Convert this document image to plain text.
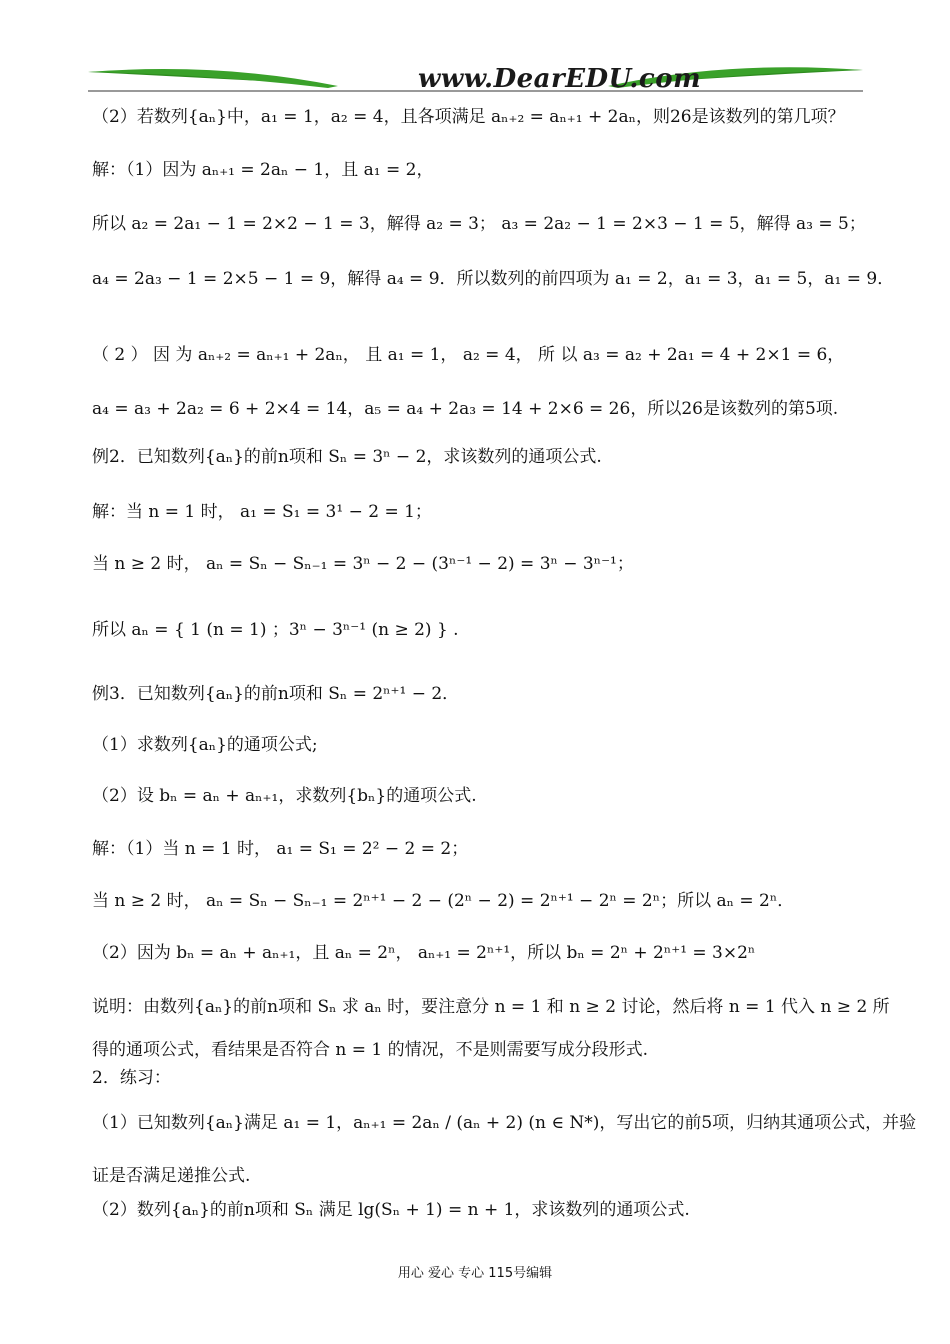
www.DearEDU.com
（2）若数列{aₙ}中，a₁ = 1，a₂ = 4，且各项满足 aₙ₊₂ = aₙ₊₁ + 2aₙ，则26是该数列的第几项？
解：（1）因为 aₙ₊₁ = 2aₙ − 1，且 a₁ = 2，
所以 a₂ = 2a₁ − 1 = 2×2 − 1 = 3，解得 a₂ = 3； a₃ = 2a₂ − 1 = 2×3 − 1 = 5，解得 a₃ = 5；
a₄ = 2a₃ − 1 = 2×5 − 1 = 9，解得 a₄ = 9．所以数列的前四项为 a₁ = 2，a₁ = 3，a₁ = 5，a₁ = 9．
（ 2 ） 因 为 aₙ₊₂ = aₙ₊₁ + 2aₙ， 且 a₁ = 1， a₂ = 4， 所 以 a₃ = a₂ + 2a₁ = 4 + 2×1 = 6，
a₄ = a₃ + 2a₂ = 6 + 2×4 = 14，a₅ = a₄ + 2a₃ = 14 + 2×6 = 26，所以26是该数列的第5项.
例2．已知数列{aₙ}的前n项和 Sₙ = 3ⁿ − 2，求该数列的通项公式.
解：当 n = 1 时， a₁ = S₁ = 3¹ − 2 = 1；
当 n ≥ 2 时， aₙ = Sₙ − Sₙ₋₁ = 3ⁿ − 2 − (3ⁿ⁻¹ − 2) = 3ⁿ − 3ⁿ⁻¹；
所以 aₙ = { 1 (n = 1) ；3ⁿ − 3ⁿ⁻¹ (n ≥ 2) } .
例3．已知数列{aₙ}的前n项和 Sₙ = 2ⁿ⁺¹ − 2．
（1）求数列{aₙ}的通项公式;
（2）设 bₙ = aₙ + aₙ₊₁，求数列{bₙ}的通项公式.
解：（1）当 n = 1 时， a₁ = S₁ = 2² − 2 = 2；
当 n ≥ 2 时， aₙ = Sₙ − Sₙ₋₁ = 2ⁿ⁺¹ − 2 − (2ⁿ − 2) = 2ⁿ⁺¹ − 2ⁿ = 2ⁿ；所以 aₙ = 2ⁿ．
（2）因为 bₙ = aₙ + aₙ₊₁，且 aₙ = 2ⁿ， aₙ₊₁ = 2ⁿ⁺¹，所以 bₙ = 2ⁿ + 2ⁿ⁺¹ = 3×2ⁿ
说明：由数列{aₙ}的前n项和 Sₙ 求 aₙ 时，要注意分 n = 1 和 n ≥ 2 讨论，然后将 n = 1 代入 n ≥ 2 所
得的通项公式，看结果是否符合 n = 1 的情况，不是则需要写成分段形式.
2．练习：
（1）已知数列{aₙ}满足 a₁ = 1，aₙ₊₁ = 2aₙ / (aₙ + 2) (n ∈ N*)，写出它的前5项，归纳其通项公式，并验
证是否满足递推公式.
（2）数列{aₙ}的前n项和 Sₙ 满足 lg(Sₙ + 1) = n + 1，求该数列的通项公式.
用心 爱心 专心 115号编辑
